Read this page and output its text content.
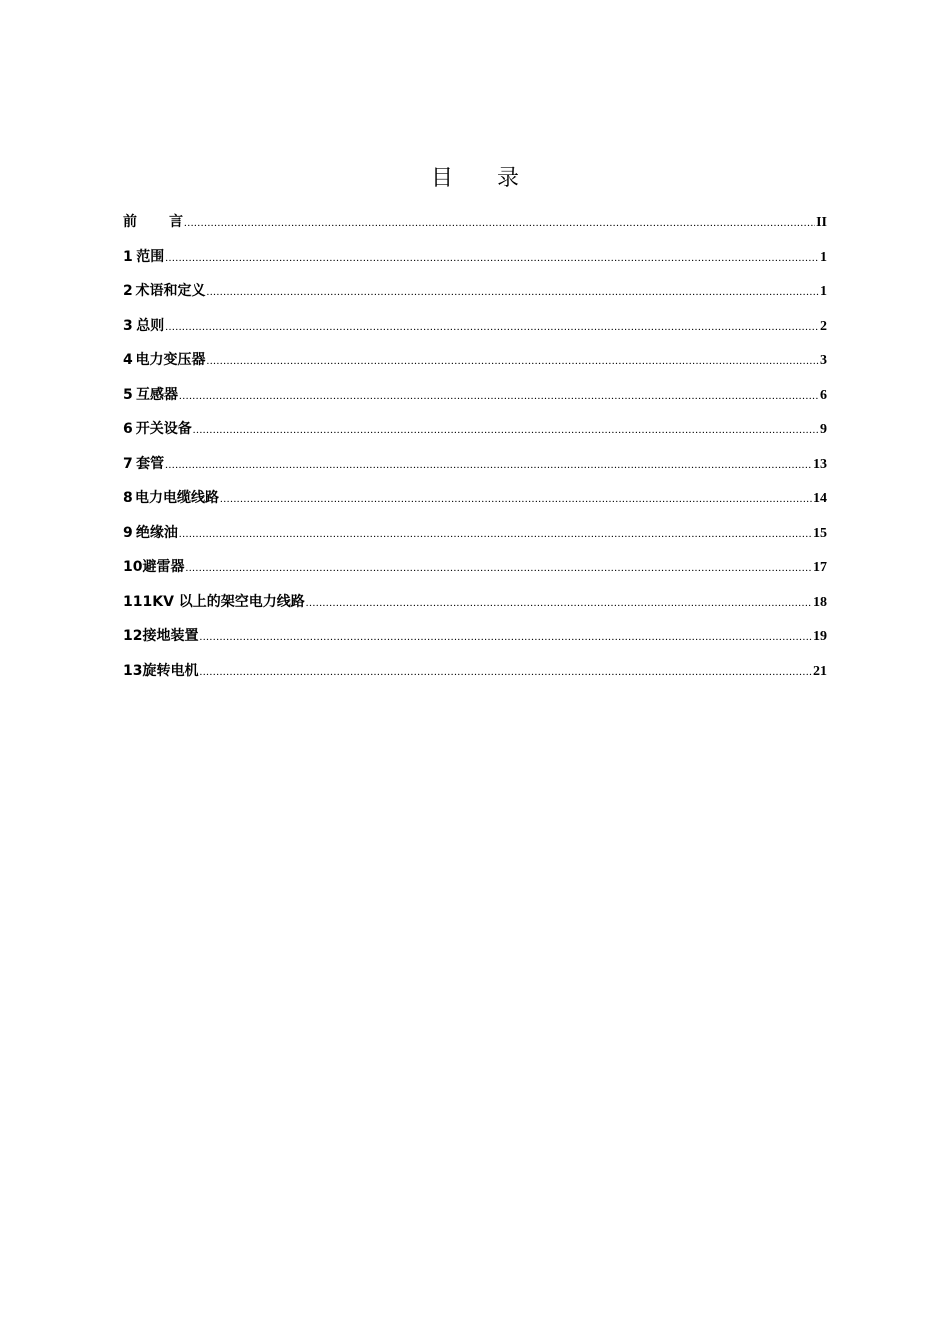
目 录
前 言 .....	II
1 范围 .....	1
2 术语和定义 .....	1
3 总则 .....	2
4 电力变压器 .....	3
5 互感器 .....	6
6 开关设备 .....	9
7 套管 .....	13
8 电力电缆线路 .....	14
9 绝缘油 .....	15
10 避雷器 .....	17
11 1KV 以上的架空电力线路 .....	18
12 接地装置 .....	19
13 旋转电机 .....	21
